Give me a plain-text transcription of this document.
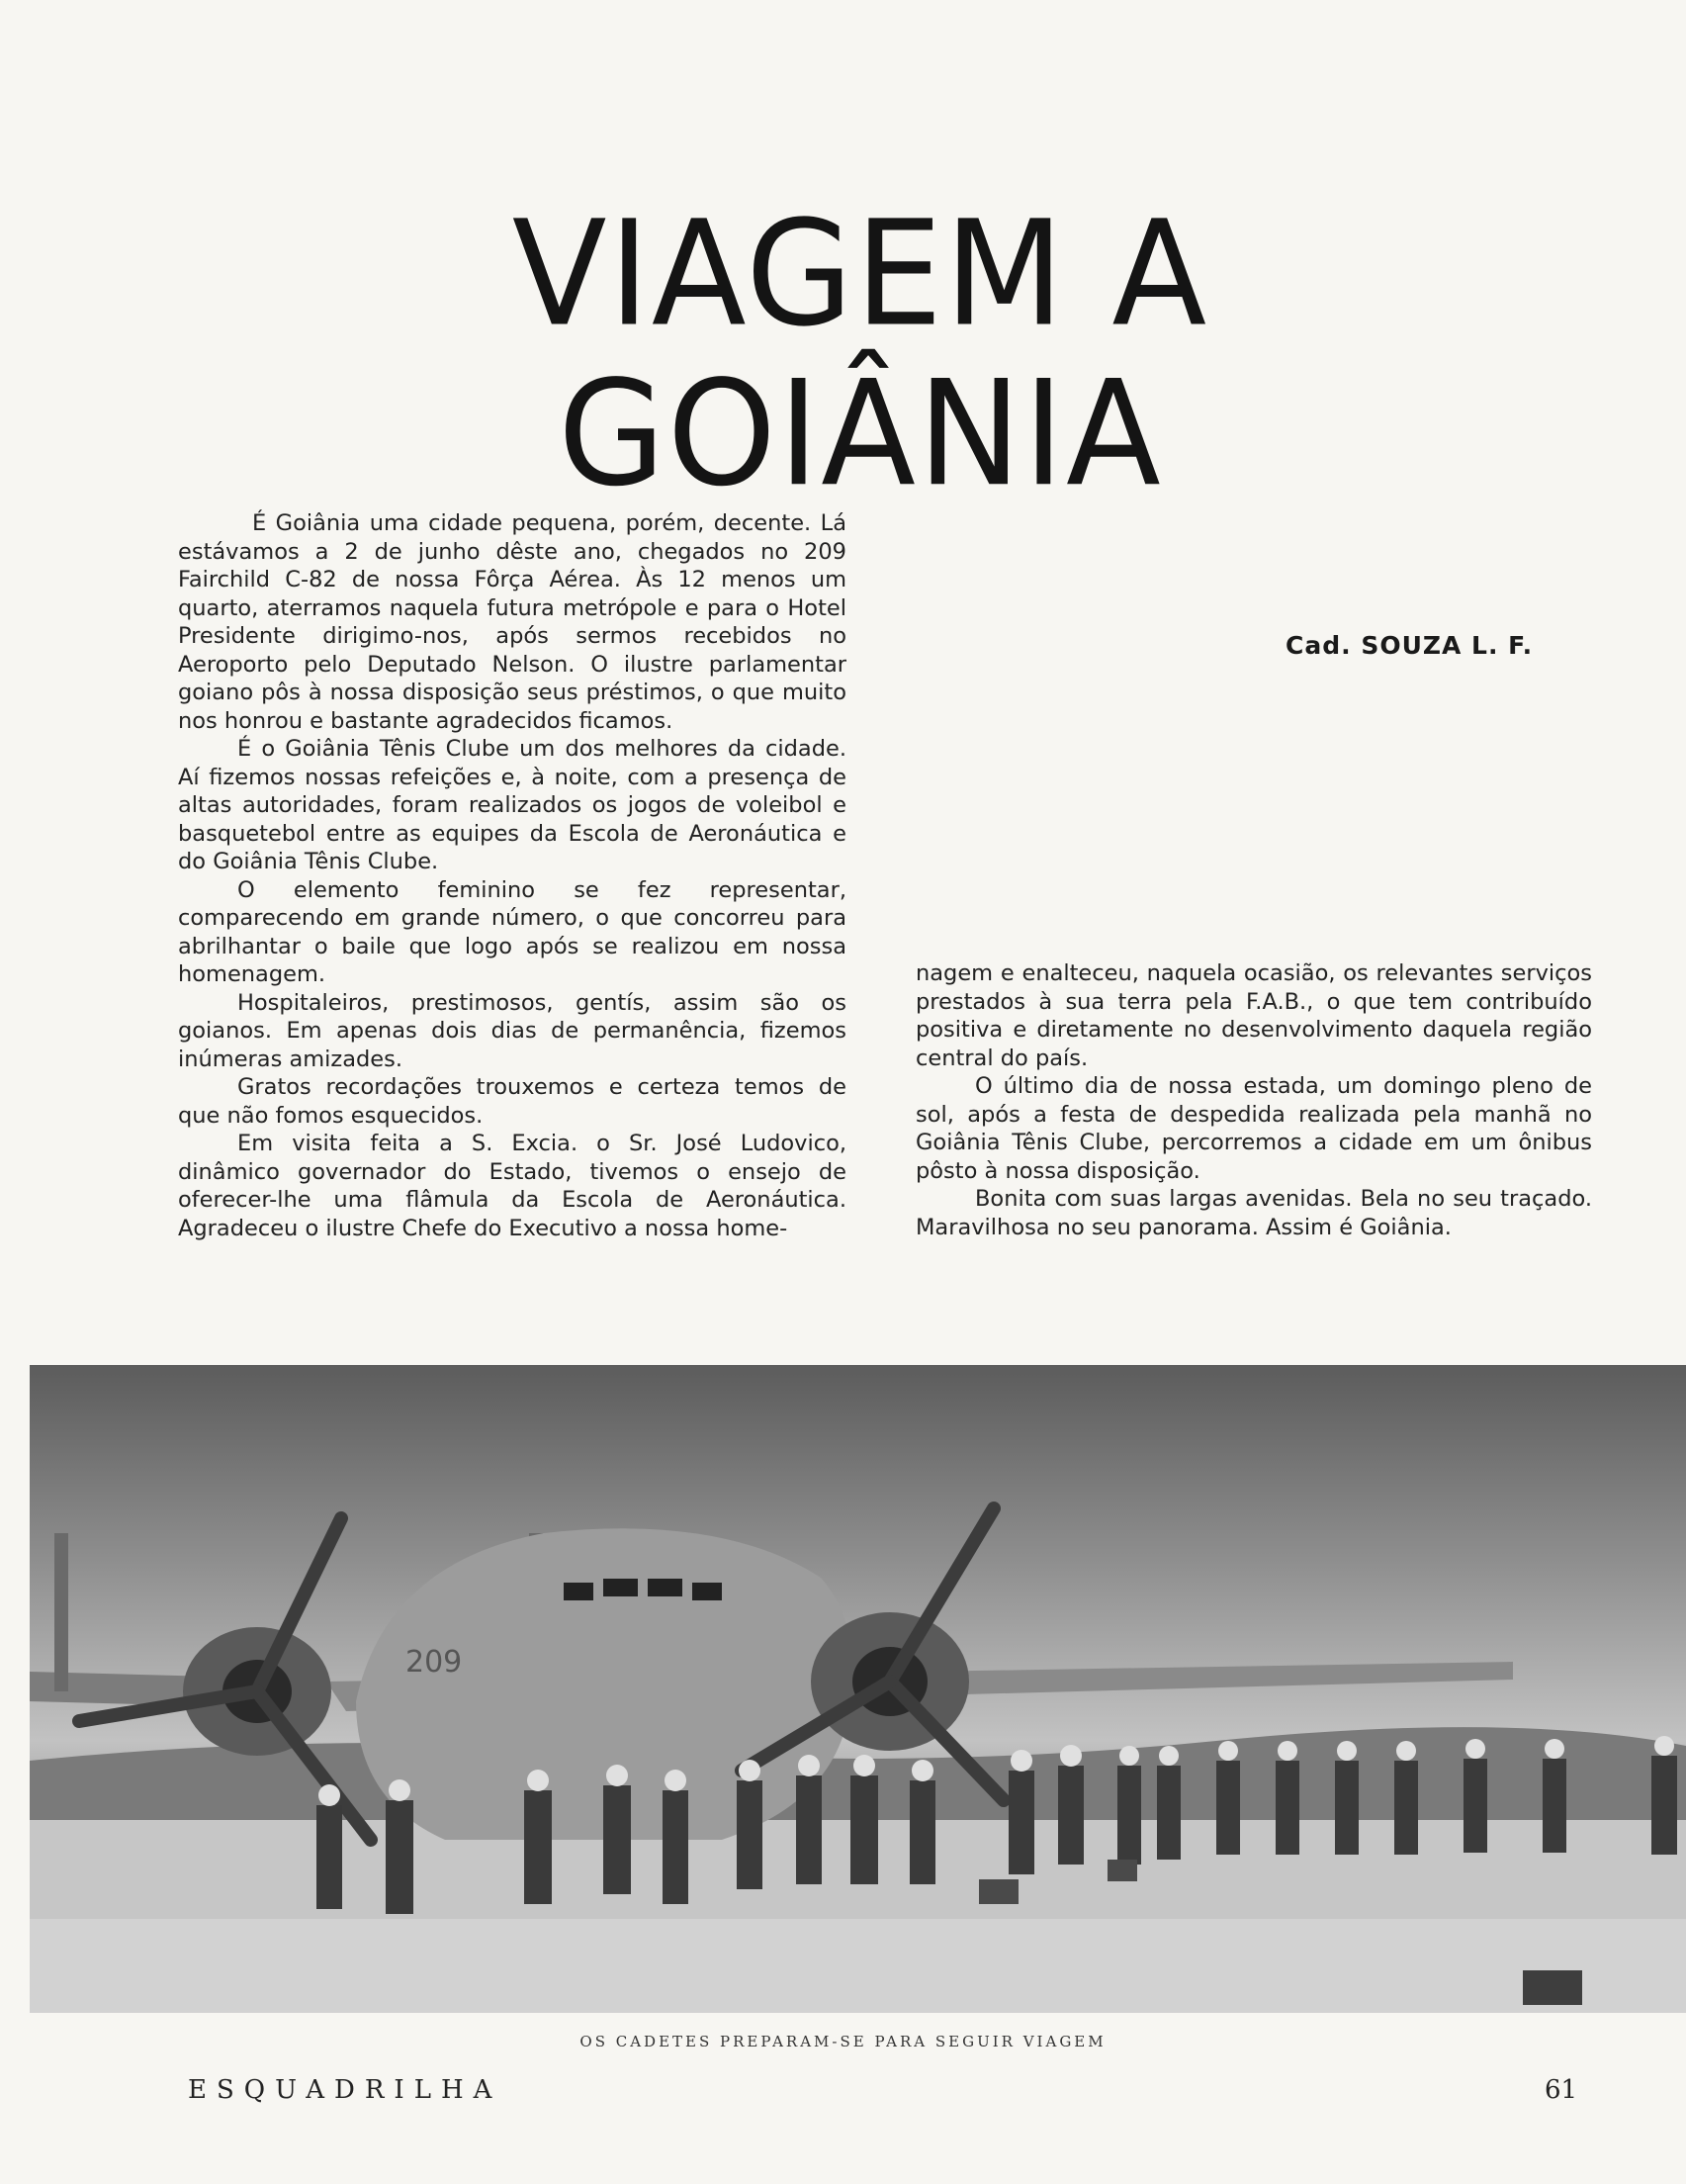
VIAGEM A GOIÂNIA
Cad. SOUZA L. F.

É Goiânia uma cidade pequena, porém, decente. Lá estávamos a 2 de junho dêste ano, chegados no 209 Fairchild C-82 de nossa Fôrça Aérea. Às 12 menos um quarto, aterramos naquela futura metrópole e para o Hotel Presidente dirigimo-nos, após sermos recebidos no Aeroporto pelo Deputado Nelson. O ilustre parlamentar goiano pôs à nossa disposição seus préstimos, o que muito nos honrou e bastante agradecidos ficamos.

É o Goiânia Tênis Clube um dos melhores da cidade. Aí fizemos nossas refeições e, à noite, com a presença de altas autoridades, foram realizados os jogos de voleibol e basquetebol entre as equipes da Escola de Aeronáutica e do Goiânia Tênis Clube.

O elemento feminino se fez representar, comparecendo em grande número, o que concorreu para abrilhantar o baile que logo após se realizou em nossa homenagem.

Hospitaleiros, prestimosos, gentís, assim são os goianos. Em apenas dois dias de permanência, fizemos inúmeras amizades.

Gratos recordações trouxemos e certeza temos de que não fomos esquecidos.

Em visita feita a S. Excia. o Sr. José Ludovico, dinâmico governador do Estado, tivemos o ensejo de oferecer-lhe uma flâmula da Escola de Aeronáutica. Agradeceu o ilustre Chefe do Executivo a nossa home-

nagem e enalteceu, naquela ocasião, os relevantes serviços prestados à sua terra pela F.A.B., o que tem contribuído positiva e diretamente no desenvolvimento daquela região central do país.

O último dia de nossa estada, um domingo pleno de sol, após a festa de despedida realizada pela manhã no Goiânia Tênis Clube, percorremos a cidade em um ônibus pôsto à nossa disposição.

Bonita com suas largas avenidas. Bela no seu traçado. Maravilhosa no seu panorama. Assim é Goiânia.

209
OS CADETES PREPARAM-SE PARA SEGUIR VIAGEM
ESQUADRILHA	61
